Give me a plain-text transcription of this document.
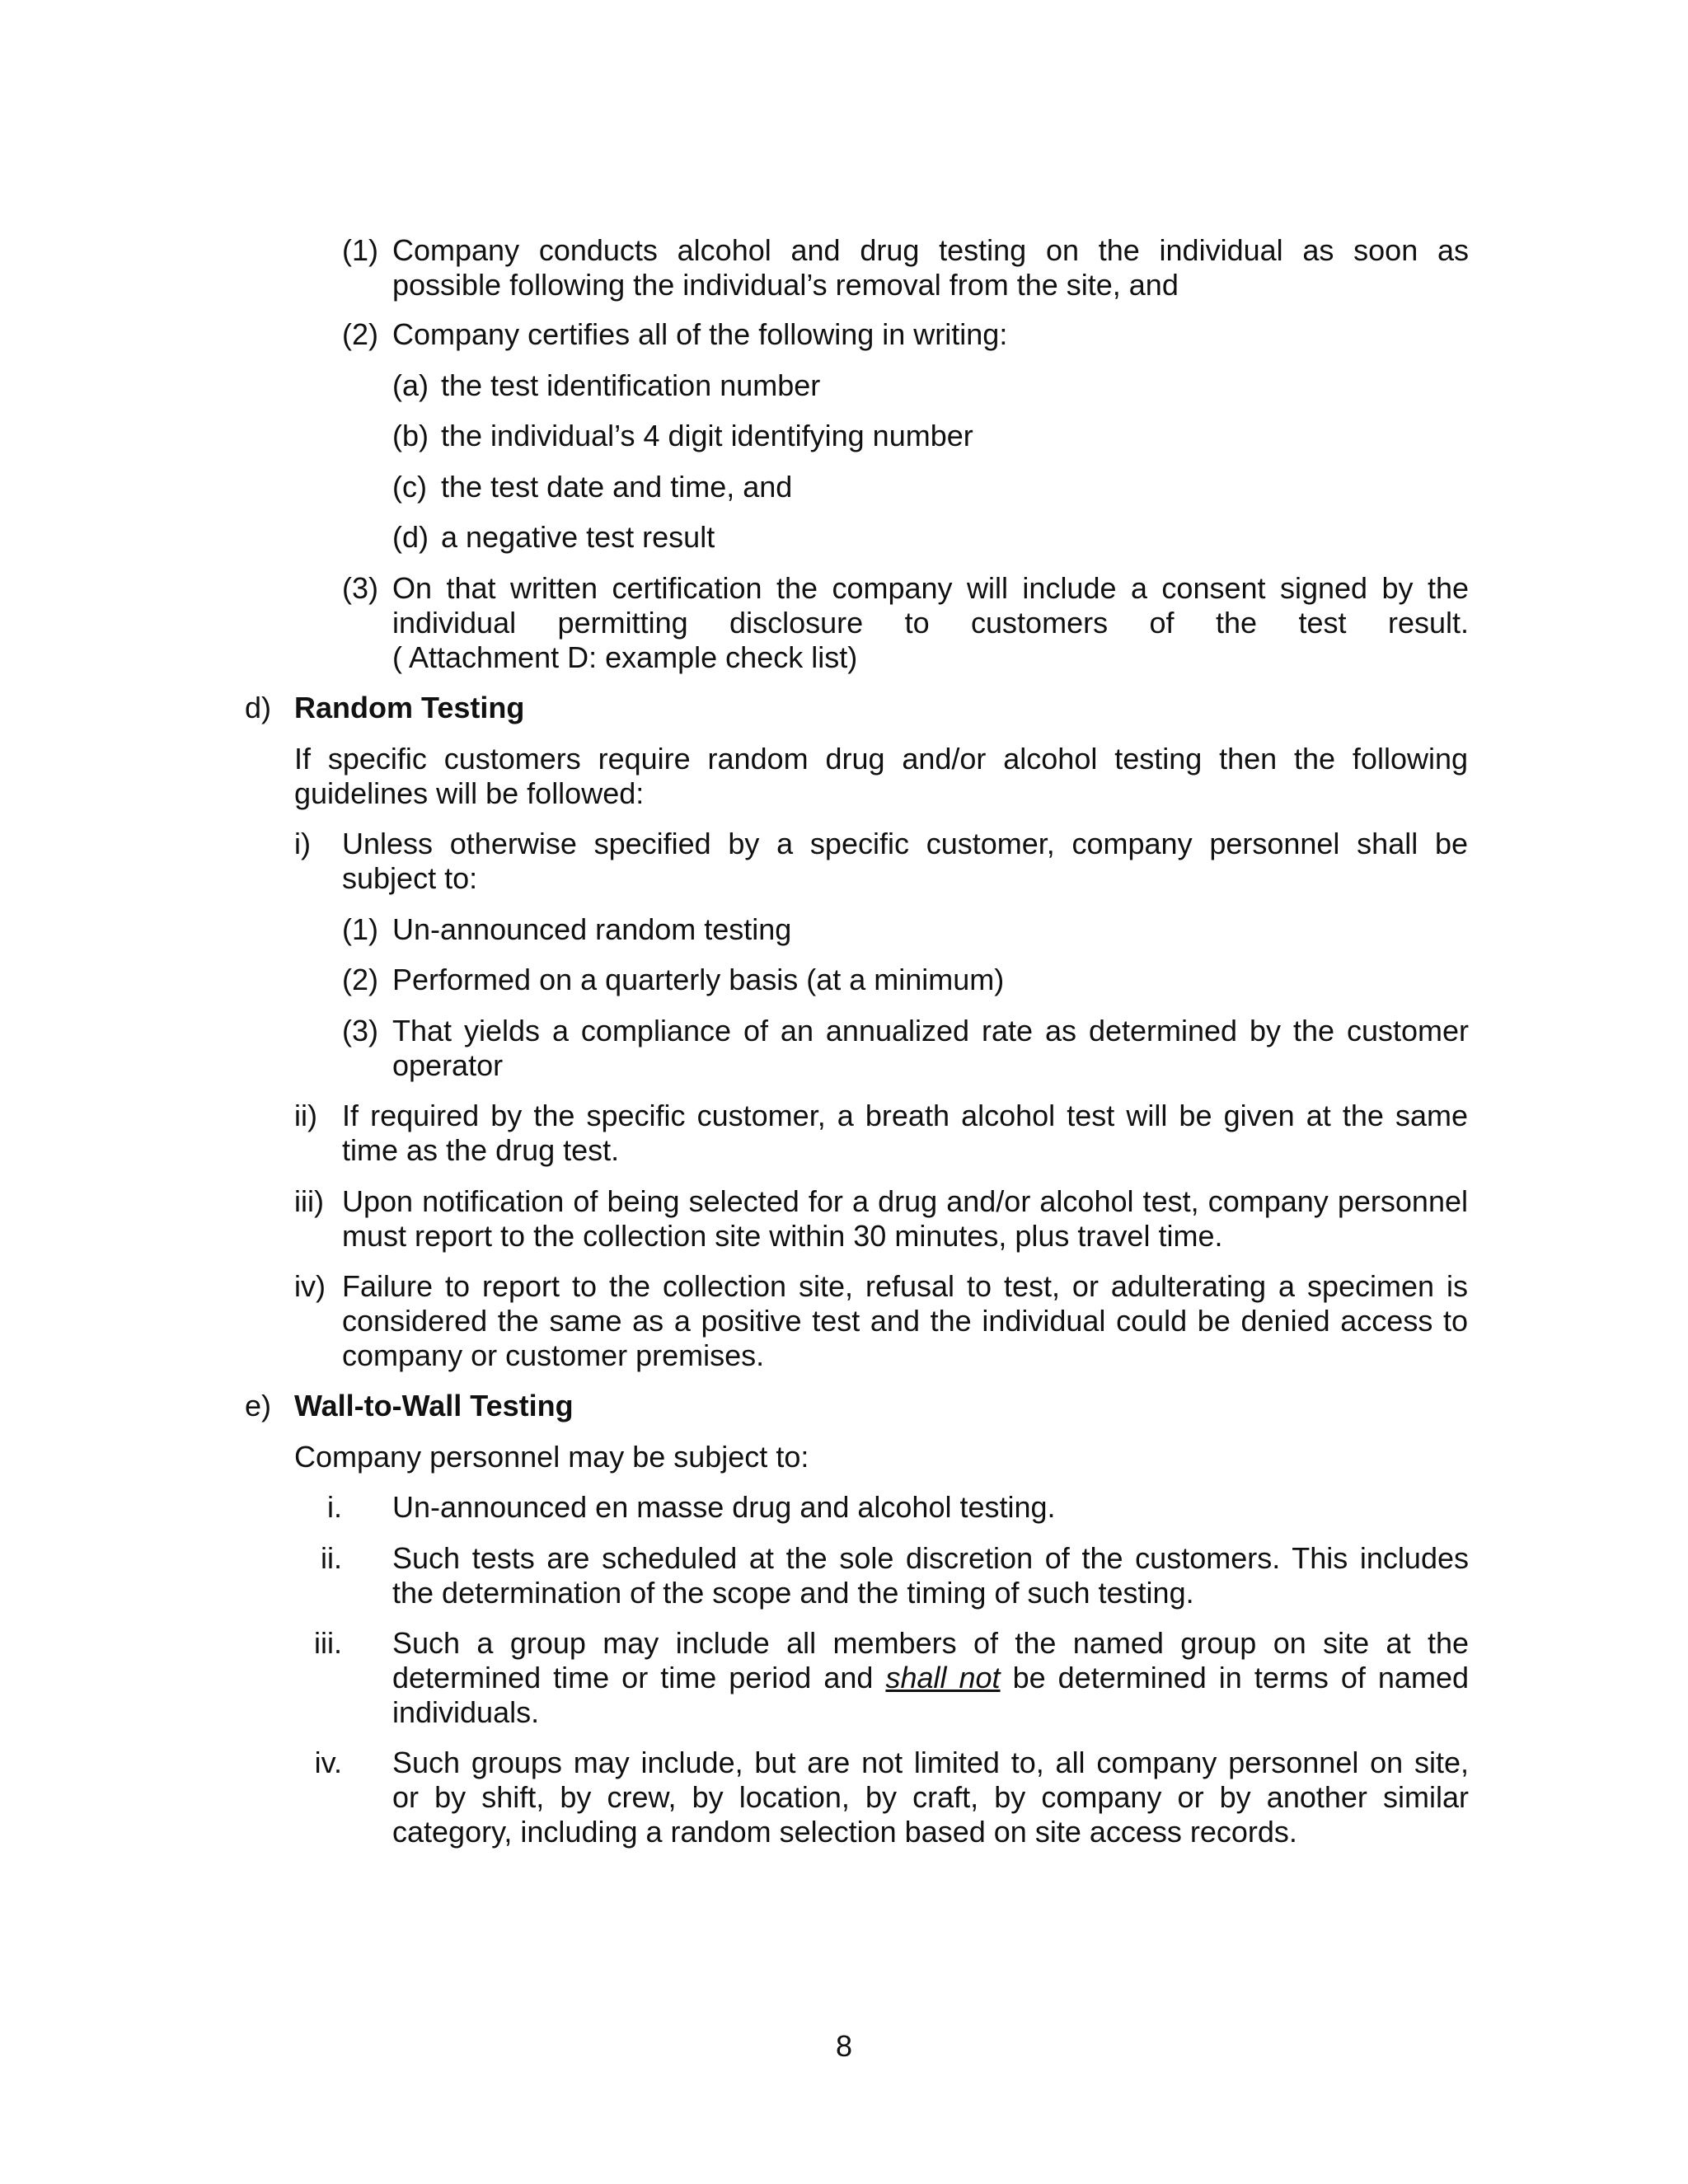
(1) Company conducts alcohol and drug testing on the individual as soon as
possible following the individual’s removal from the site, and
(2) Company certifies all of the following in writing:
(a) the test identification number
(b) the individual’s 4 digit identifying number
(c) the test date and time, and
(d) a negative test result
(3) On that written certification the company will include a consent signed by the
individual permitting disclosure to customers of the test result.
( Attachment D: example check list)
d) Random Testing
If specific customers require random drug and/or alcohol testing then the following
guidelines will be followed:
i) Unless otherwise specified by a specific customer, company personnel shall be
subject to:
(1) Un-announced random testing
(2) Performed on a quarterly basis (at a minimum)
(3) That yields a compliance of an annualized rate as determined by the customer
operator
ii) If required by the specific customer, a breath alcohol test will be given at the same
time as the drug test.
iii) Upon notification of being selected for a drug and/or alcohol test, company personnel
must report to the collection site within 30 minutes, plus travel time.
iv) Failure to report to the collection site, refusal to test, or adulterating a specimen is
considered the same as a positive test and the individual could be denied access to
company or customer premises.
e) Wall-to-Wall Testing
Company personnel may be subject to:
i. Un-announced en masse drug and alcohol testing.
ii. Such tests are scheduled at the sole discretion of the customers. This includes
the determination of the scope and the timing of such testing.
iii. Such a group may include all members of the named group on site at the
determined time or time period and shall not be determined in terms of named
individuals.
iv. Such groups may include, but are not limited to, all company personnel on site,
or by shift, by crew, by location, by craft, by company or by another similar
category, including a random selection based on site access records.
8
